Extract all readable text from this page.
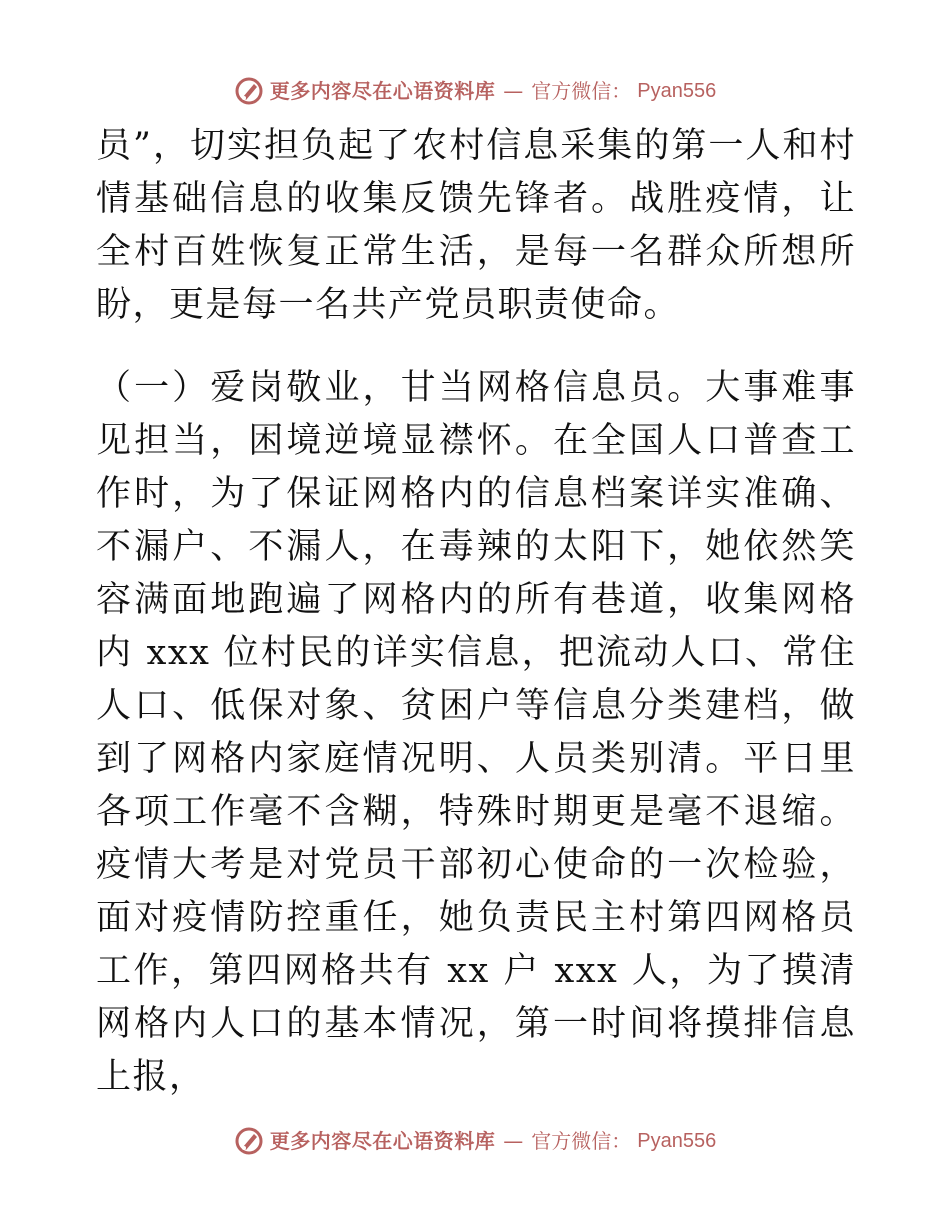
更多内容尽在心语资料库 — 官方微信： Pyan556

员”，切实担负起了农村信息采集的第一人和村情基础信息的收集反馈先锋者。战胜疫情，让全村百姓恢复正常生活，是每一名群众所想所盼，更是每一名共产党员职责使命。

（一）爱岗敬业，甘当网格信息员。大事难事见担当，困境逆境显襟怀。在全国人口普查工作时，为了保证网格内的信息档案详实准确、不漏户、不漏人，在毒辣的太阳下，她依然笑容满面地跑遍了网格内的所有巷道，收集网格内 xxx 位村民的详实信息，把流动人口、常住人口、低保对象、贫困户等信息分类建档，做到了网格内家庭情况明、人员类别清。平日里各项工作毫不含糊，特殊时期更是毫不退缩。疫情大考是对党员干部初心使命的一次检验，面对疫情防控重任，她负责民主村第四网格员工作，第四网格共有 xx 户 xxx 人，为了摸清网格内人口的基本情况，第一时间将摸排信息上报，

更多内容尽在心语资料库 — 官方微信： Pyan556
